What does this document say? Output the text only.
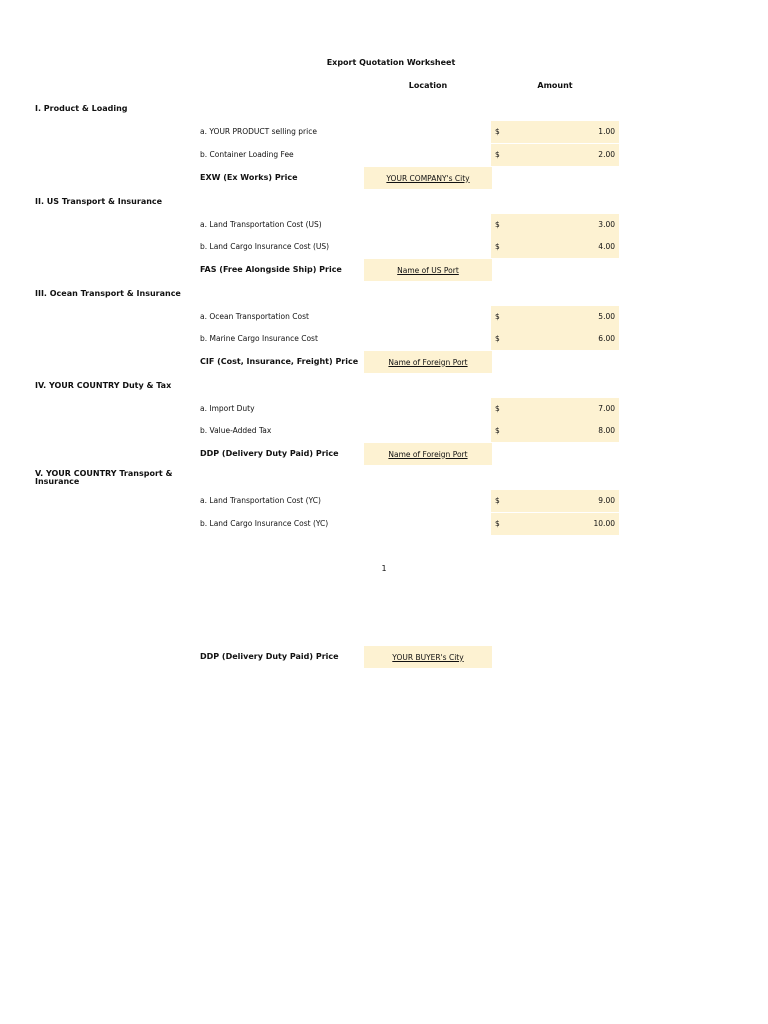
Export Quotation Worksheet
Location	Amount
I. Product & Loading
a. YOUR PRODUCT selling price	$	1.00
b. Container Loading Fee	$	2.00
EXW (Ex Works) Price	YOUR COMPANY's City
II. US Transport & Insurance
a. Land Transportation Cost (US)	$	3.00
b. Land Cargo Insurance Cost (US)	$	4.00
FAS (Free Alongside Ship) Price	Name of US Port
III. Ocean Transport & Insurance
a. Ocean Transportation Cost	$	5.00
b. Marine Cargo Insurance Cost	$	6.00
CIF (Cost, Insurance, Freight) Price	Name of Foreign Port
IV. YOUR COUNTRY Duty & Tax
a. Import Duty	$	7.00
b. Value-Added Tax	$	8.00
DDP (Delivery Duty Paid) Price	Name of Foreign Port
V. YOUR COUNTRY Transport &
Insurance
a. Land Transportation Cost (YC)	$	9.00
b. Land Cargo Insurance Cost (YC)	$	10.00
1
DDP (Delivery Duty Paid) Price	YOUR BUYER's City
